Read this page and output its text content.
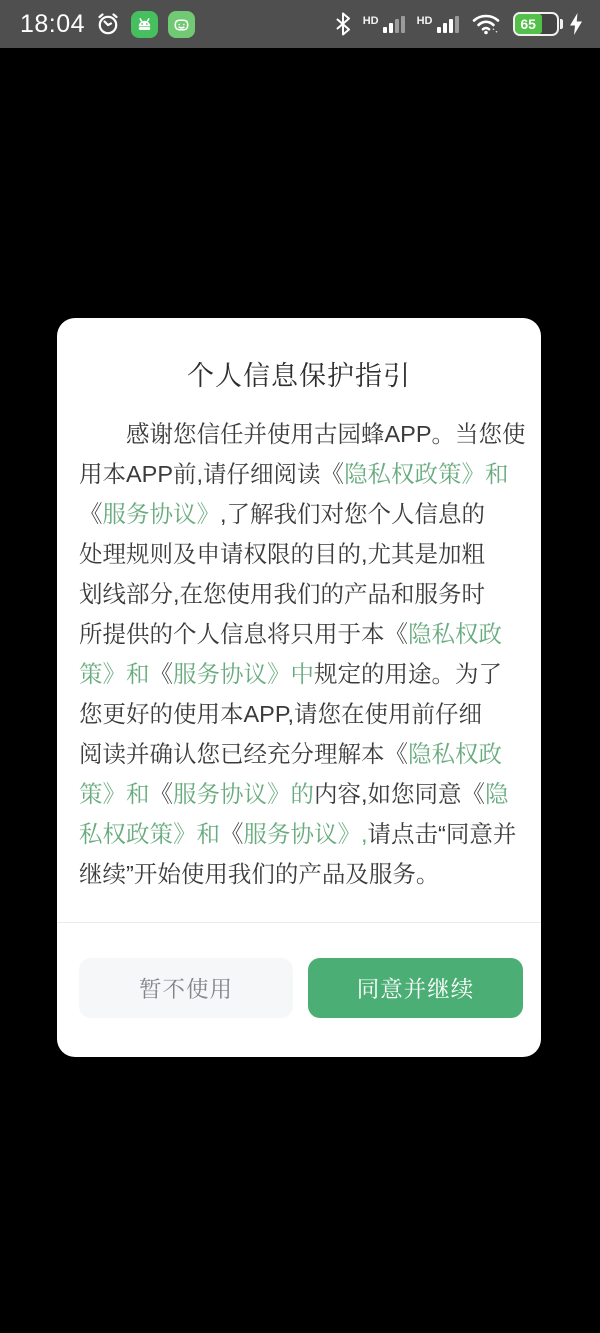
18:04	HD	HD	65
个人信息保护指引
　　感谢您信任并使用古园蜂APP。当您使
用本APP前,请仔细阅读《隐私权政策》和
《服务协议》,了解我们对您个人信息的
处理规则及申请权限的目的,尤其是加粗
划线部分,在您使用我们的产品和服务时
所提供的个人信息将只用于本《隐私权政
策》和《服务协议》中规定的用途。为了
您更好的使用本APP,请您在使用前仔细
阅读并确认您已经充分理解本《隐私权政
策》和《服务协议》的内容,如您同意《隐
私权政策》和《服务协议》,请点击“同意并
继续”开始使用我们的产品及服务。
暂不使用	同意并继续
